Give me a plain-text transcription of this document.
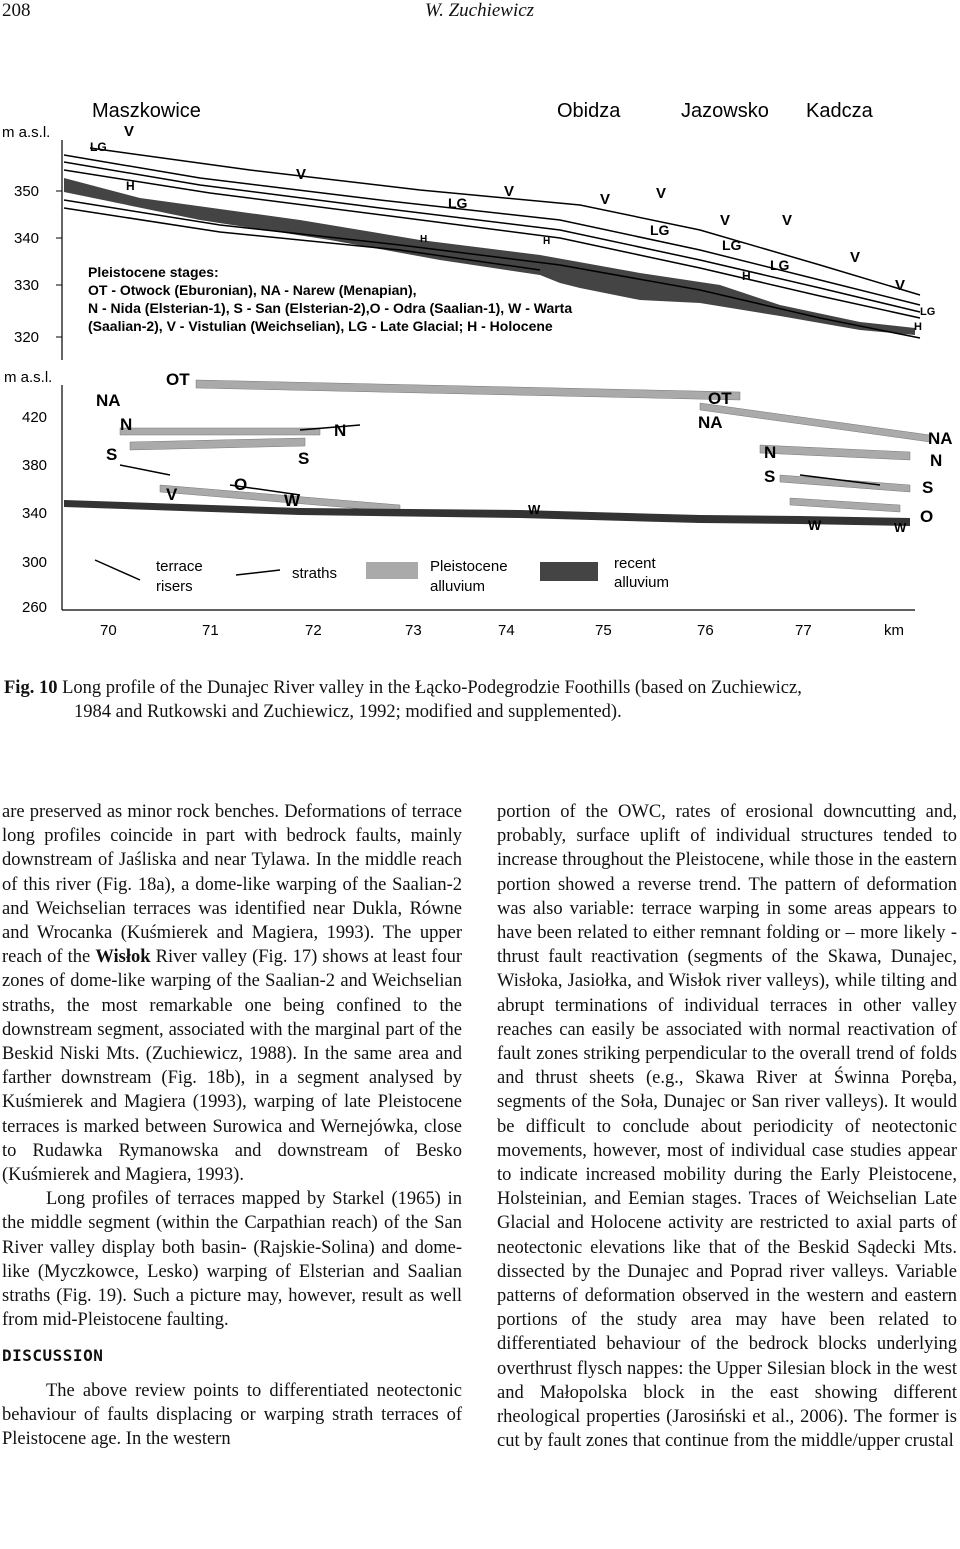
208	W. Zuchiewicz
m a.s.l.
350
340
330
320
Maszkowice	Obidza	Jazowsko Kadcza
V
LG
H
V
LG
V	V	V
LG
V
LG
V
LG
H
V
V
LG
H
H	H
Pleistocene stages:
OT - Otwock (Eburonian), NA - Narew (Menapian),
N - Nida (Elsterian-1), S - San (Elsterian-2),O - Odra (Saalian-1), W - Warta
(Saalian-2), V - Vistulian (Weichselian), LG - Late Glacial; H - Holocene
m a.s.l.
420
380
340
300
260
70	71	72	73	74	75	76	77	km
OT
NA
N
S
V
O
W
S
N
W
OT
NA
N
S
W	W
NA
N
S
O
terrace
risers
straths	Pleistocene
alluvium
recent
alluvium
Fig. 10 Long profile of the Dunajec River valley in the Łącko-Podegrodzie Foothills (based on Zuchiewicz,
1984 and Rutkowski and Zuchiewicz, 1992; modified and supplemented).

are preserved as minor rock benches. Deformations of terrace long profiles coincide in part with bedrock faults, mainly downstream of Jaśliska and near Tylawa. In the middle reach of this river (Fig. 18a), a dome-like warping of the Saalian-2 and Weichselian terraces was identified near Dukla, Równe and Wrocanka (Kuśmierek and Magiera, 1993). The upper reach of the Wisłok River valley (Fig. 17) shows at least four zones of dome-like warping of the Saalian-2 and Weichselian straths, the most remarkable one being confined to the downstream segment, associated with the marginal part of the Beskid Niski Mts. (Zuchiewicz, 1988). In the same area and farther downstream (Fig. 18b), in a segment analysed by Kuśmierek and Magiera (1993), warping of late Pleistocene terraces is marked between Surowica and Wernejówka, close to Rudawka Rymanowska and downstream of Besko (Kuśmierek and Magiera, 1993).

Long profiles of terraces mapped by Starkel (1965) in the middle segment (within the Carpathian reach) of the San River valley display both basin- (Rajskie-Solina) and dome-like (Myczkowce, Lesko) warping of Elsterian and Saalian straths (Fig. 19). Such a picture may, however, result as well from mid-Pleistocene faulting.

DISCUSSION

The above review points to differentiated neotectonic behaviour of faults displacing or warping strath terraces of Pleistocene age. In the western

portion of the OWC, rates of erosional downcutting and, probably, surface uplift of individual structures tended to increase throughout the Pleistocene, while those in the eastern portion showed a reverse trend. The pattern of deformation was also variable: terrace warping in some areas appears to have been related to either remnant folding or – more likely - thrust fault reactivation (segments of the Skawa, Dunajec, Wisłoka, Jasiołka, and Wisłok river valleys), while tilting and abrupt terminations of individual terraces in other valley reaches can easily be associated with normal reactivation of fault zones striking perpendicular to the overall trend of folds and thrust sheets (e.g., Skawa River at Świnna Poręba, segments of the Soła, Dunajec or San river valleys). It would be difficult to conclude about periodicity of neotectonic movements, however, most of individual case studies appear to indicate increased mobility during the Early Pleistocene, Holsteinian, and Eemian stages. Traces of Weichselian Late Glacial and Holocene activity are restricted to axial parts of neotectonic elevations like that of the Beskid Sądecki Mts. dissected by the Dunajec and Poprad river valleys. Variable patterns of deformation observed in the western and eastern portions of the study area may have been related to differentiated behaviour of the bedrock blocks underlying overthrust flysch nappes: the Upper Silesian block in the west and Małopolska block in the east showing different rheological properties (Jarosiński et al., 2006). The former is cut by fault zones that continue from the middle/upper crustal
